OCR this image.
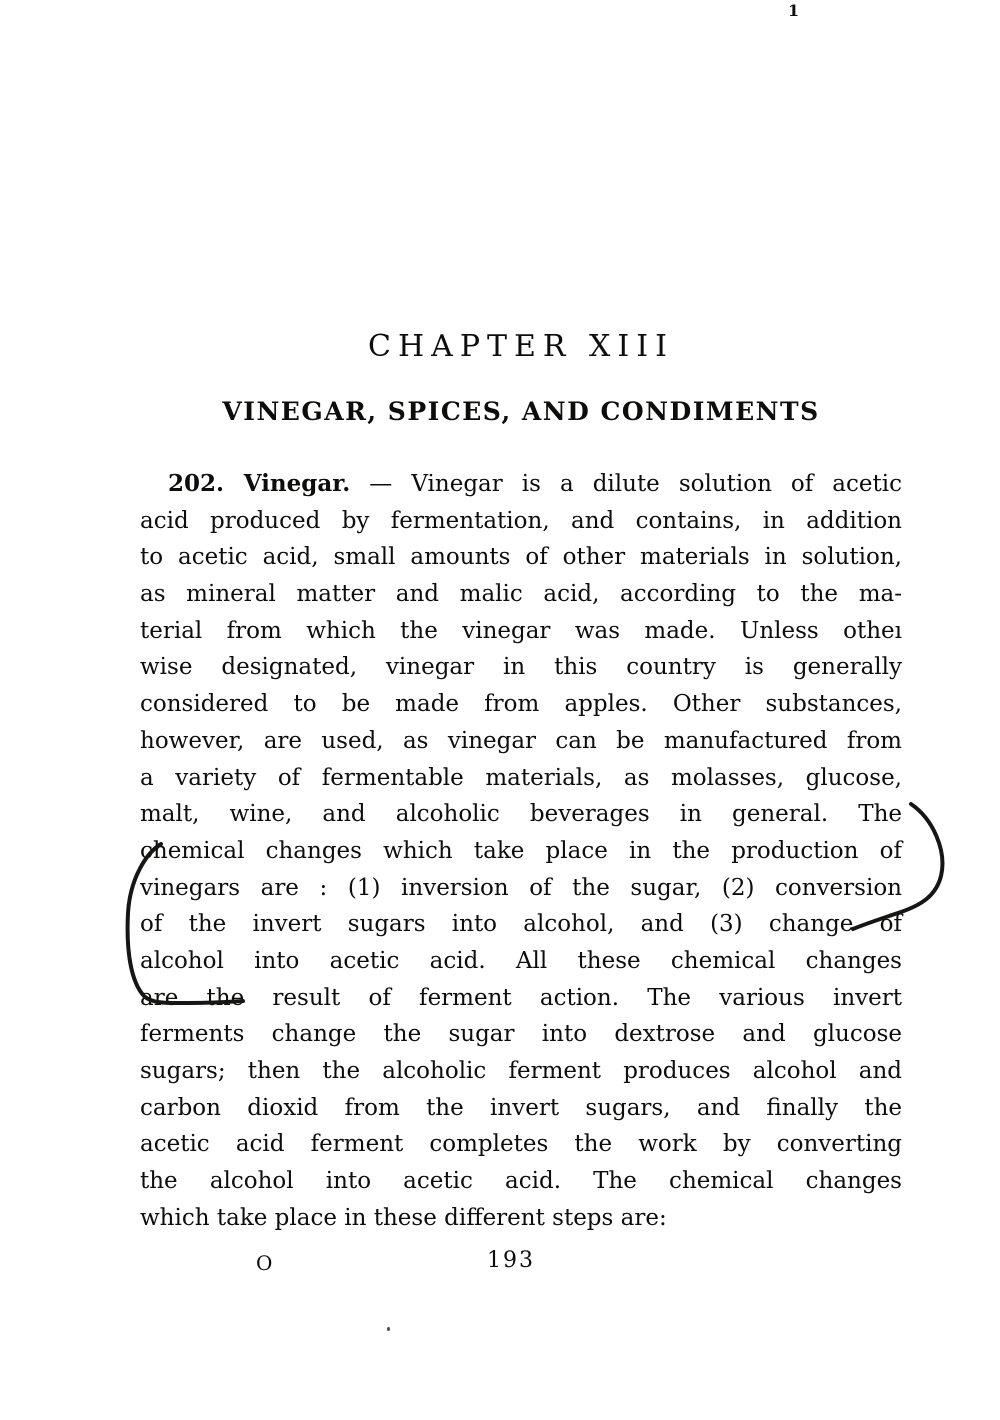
1
CHAPTER XIII
VINEGAR, SPICES, AND CONDIMENTS
202. Vinegar. — Vinegar is a dilute solution of acetic
acid produced by fermentation, and contains, in addition
to acetic acid, small amounts of other materials in solution,
as mineral matter and malic acid, according to the ma-
terial from which the vinegar was made. Unless otheı
wise designated, vinegar in this country is generally
considered to be made from apples. Other substances,
however, are used, as vinegar can be manufactured from
a variety of fermentable materials, as molasses, glucose,
malt, wine, and alcoholic beverages in general. The
chemical changes which take place in the production of
vinegars are : (1) inversion of the sugar, (2) conversion
of the invert sugars into alcohol, and (3) change of
alcohol into acetic acid. All these chemical changes
are the result of ferment action. The various invert
ferments change the sugar into dextrose and glucose
sugars; then the alcoholic ferment produces alcohol and
carbon dioxid from the invert sugars, and finally the
acetic acid ferment completes the work by converting
the alcohol into acetic acid. The chemical changes
which take place in these different steps are:
O	193
